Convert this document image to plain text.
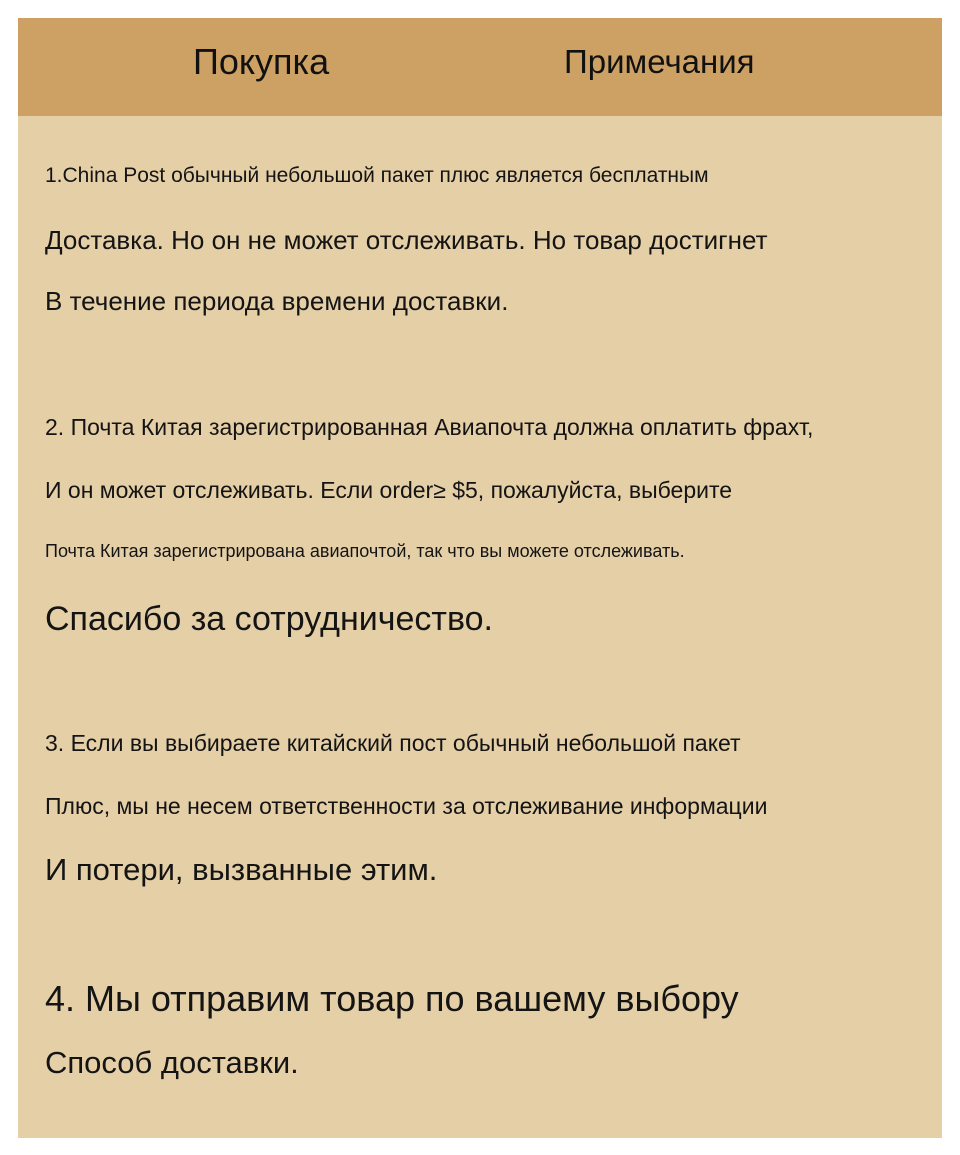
Покупка	Примечания
1.China Post обычный небольшой пакет плюс является бесплатным
Доставка. Но он не может отслеживать. Но товар достигнет
В течение периода времени доставки.
2. Почта Китая зарегистрированная Авиапочта должна оплатить фрахт,
И он может отслеживать. Если order≥ $5, пожалуйста, выберите
Почта Китая зарегистрирована авиапочтой, так что вы можете отслеживать.
Спасибо за сотрудничество.
3. Если вы выбираете китайский пост обычный небольшой пакет
Плюс, мы не несем ответственности за отслеживание информации
И потери, вызванные этим.
4. Мы отправим товар по вашему выбору
Способ доставки.
